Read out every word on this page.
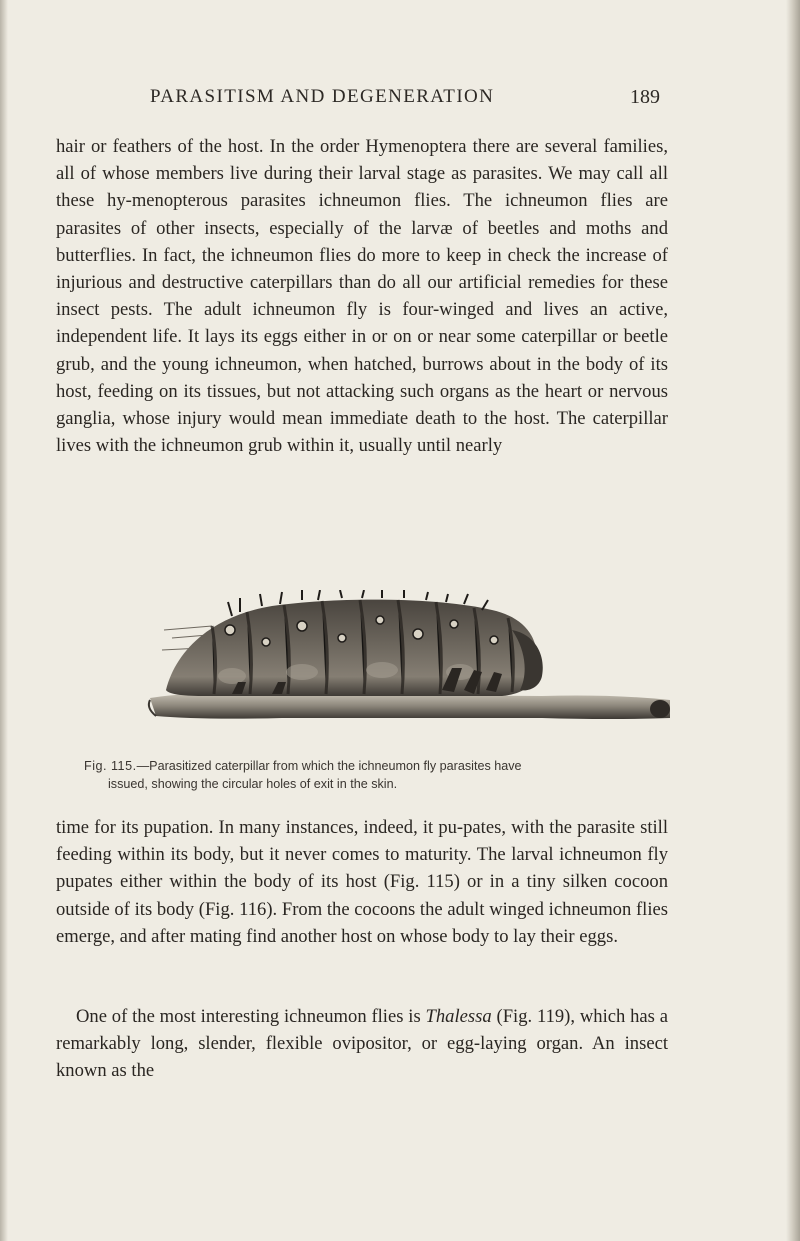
PARASITISM AND DEGENERATION	189

hair or feathers of the host. In the order Hymenoptera there are several families, all of whose members live during their larval stage as parasites. We may call all these hy-menopterous parasites ichneumon flies. The ichneumon flies are parasites of other insects, especially of the larvæ of beetles and moths and butterflies. In fact, the ichneumon flies do more to keep in check the increase of injurious and destructive caterpillars than do all our artificial remedies for these insect pests. The adult ichneumon fly is four-winged and lives an active, independent life. It lays its eggs either in or on or near some caterpillar or beetle grub, and the young ichneumon, when hatched, burrows about in the body of its host, feeding on its tissues, but not attacking such organs as the heart or nervous ganglia, whose injury would mean immediate death to the host. The caterpillar lives with the ichneumon grub within it, usually until nearly

Fig. 115.—Parasitized caterpillar from which the ichneumon fly parasites have
issued, showing the circular holes of exit in the skin.

time for its pupation. In many instances, indeed, it pu-pates, with the parasite still feeding within its body, but it never comes to maturity. The larval ichneumon fly pupates either within the body of its host (Fig. 115) or in a tiny silken cocoon outside of its body (Fig. 116). From the cocoons the adult winged ichneumon flies emerge, and after mating find another host on whose body to lay their eggs.

One of the most interesting ichneumon flies is Thalessa (Fig. 119), which has a remarkably long, slender, flexible ovipositor, or egg-laying organ. An insect known as the
